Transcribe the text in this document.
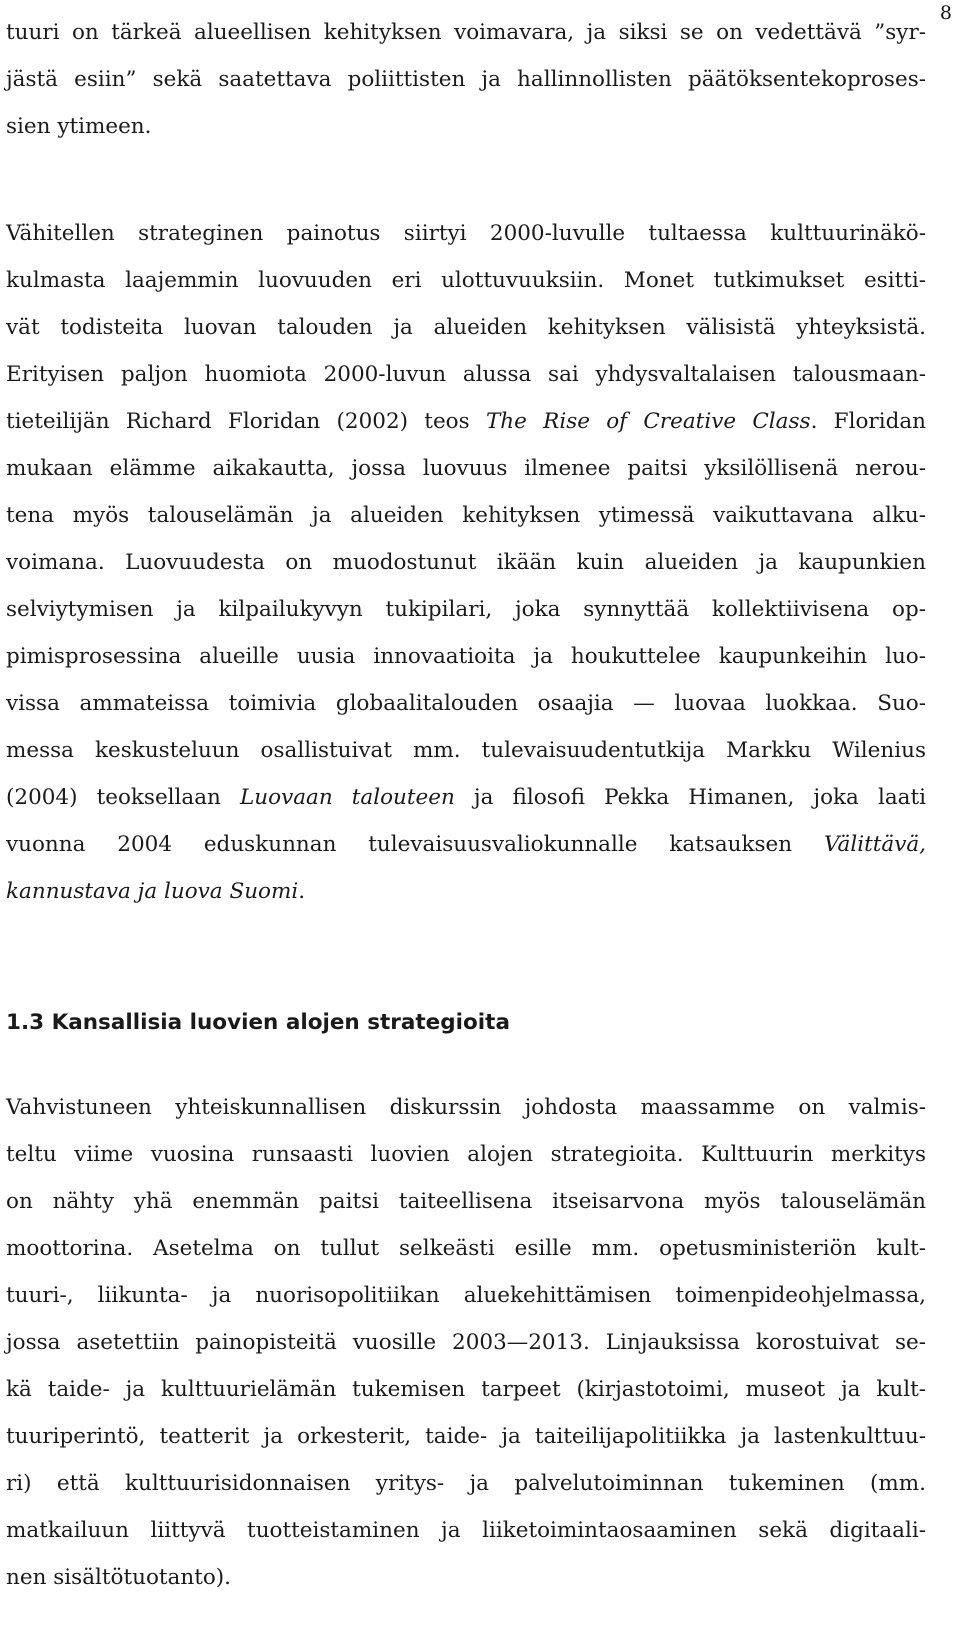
8
tuuri on tärkeä alueellisen kehityksen voimavara, ja siksi se on vedettävä ”syr-
jästä esiin” sekä saatettava poliittisten ja hallinnollisten päätöksentekoproses-
sien ytimeen.
Vähitellen strateginen painotus siirtyi 2000-luvulle tultaessa kulttuurinäkö-
kulmasta laajemmin luovuuden eri ulottuvuuksiin. Monet tutkimukset esitti-
vät todisteita luovan talouden ja alueiden kehityksen välisistä yhteyksistä.
Erityisen paljon huomiota 2000-luvun alussa sai yhdysvaltalaisen talousmaan-
tieteilijän Richard Floridan (2002) teos The Rise of Creative Class. Floridan
mukaan elämme aikakautta, jossa luovuus ilmenee paitsi yksilöllisenä nerou-
tena myös talouselämän ja alueiden kehityksen ytimessä vaikuttavana alku-
voimana. Luovuudesta on muodostunut ikään kuin alueiden ja kaupunkien
selviytymisen ja kilpailukyvyn tukipilari, joka synnyttää kollektiivisena op-
pimisprosessina alueille uusia innovaatioita ja houkuttelee kaupunkeihin luo-
vissa ammateissa toimivia globaalitalouden osaajia — luovaa luokkaa. Suo-
messa keskusteluun osallistuivat mm. tulevaisuudentutkija Markku Wilenius
(2004) teoksellaan Luovaan talouteen ja filosofi Pekka Himanen, joka laati
vuonna 2004 eduskunnan tulevaisuusvaliokunnalle katsauksen Välittävä,
kannustava ja luova Suomi.
1.3 Kansallisia luovien alojen strategioita
Vahvistuneen yhteiskunnallisen diskurssin johdosta maassamme on valmis-
teltu viime vuosina runsaasti luovien alojen strategioita. Kulttuurin merkitys
on nähty yhä enemmän paitsi taiteellisena itseisarvona myös talouselämän
moottorina. Asetelma on tullut selkeästi esille mm. opetusministeriön kult-
tuuri-, liikunta- ja nuorisopolitiikan aluekehittämisen toimenpideohjelmassa,
jossa asetettiin painopisteitä vuosille 2003—2013. Linjauksissa korostuivat se-
kä taide- ja kulttuurielämän tukemisen tarpeet (kirjastotoimi, museot ja kult-
tuuriperintö, teatterit ja orkesterit, taide- ja taiteilijapolitiikka ja lastenkulttuu-
ri) että kulttuurisidonnaisen yritys- ja palvelutoiminnan tukeminen (mm.
matkailuun liittyvä tuotteistaminen ja liiketoimintaosaaminen sekä digitaali-
nen sisältötuotanto).
